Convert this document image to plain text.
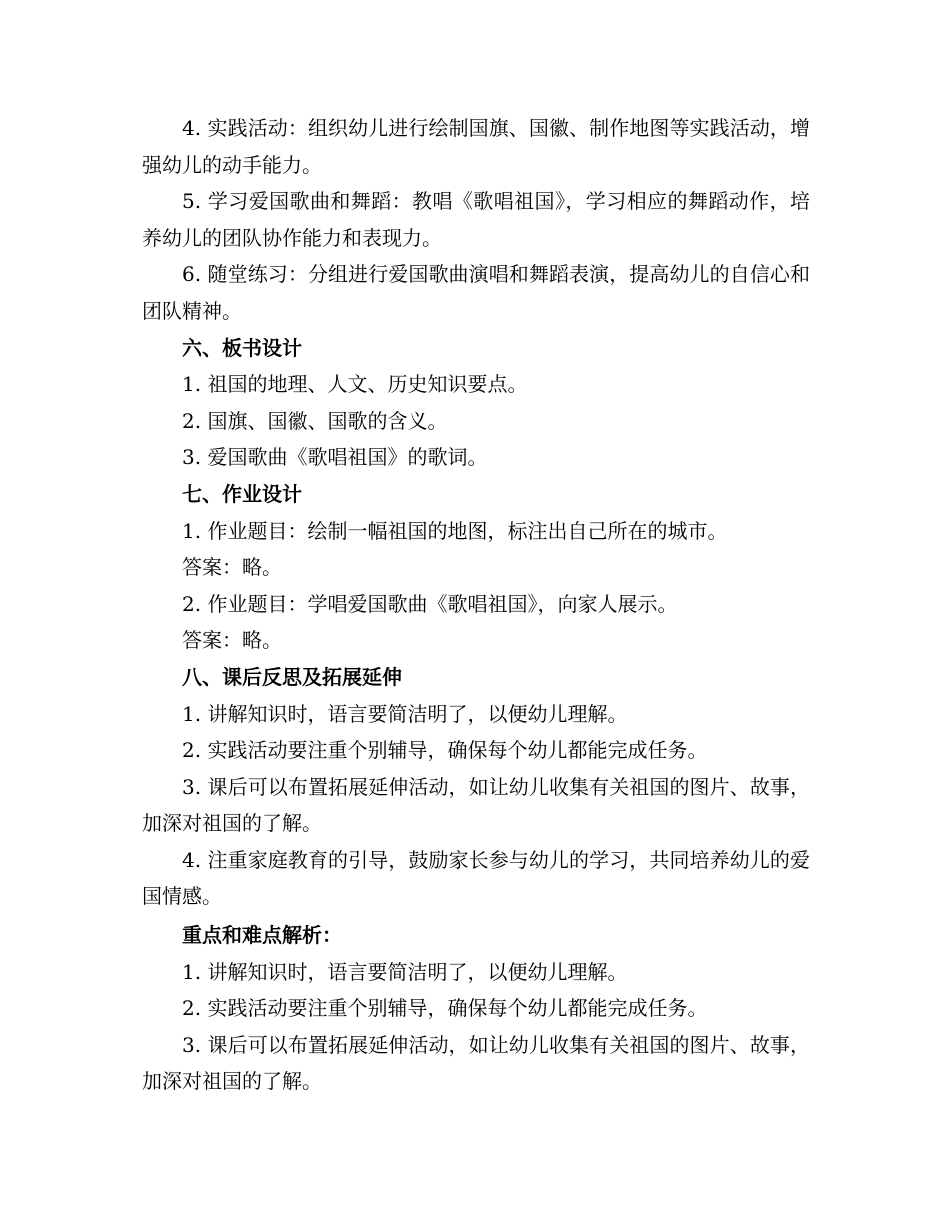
4. 实践活动：组织幼儿进行绘制国旗、国徽、制作地图等实践活动，增强幼儿的动手能力。

5. 学习爱国歌曲和舞蹈：教唱《歌唱祖国》，学习相应的舞蹈动作，培养幼儿的团队协作能力和表现力。

6. 随堂练习：分组进行爱国歌曲演唱和舞蹈表演，提高幼儿的自信心和团队精神。

六、板书设计

1. 祖国的地理、人文、历史知识要点。

2. 国旗、国徽、国歌的含义。

3. 爱国歌曲《歌唱祖国》的歌词。

七、作业设计

1. 作业题目：绘制一幅祖国的地图，标注出自己所在的城市。

答案：略。

2. 作业题目：学唱爱国歌曲《歌唱祖国》，向家人展示。

答案：略。

八、课后反思及拓展延伸

1. 讲解知识时，语言要简洁明了，以便幼儿理解。

2. 实践活动要注重个别辅导，确保每个幼儿都能完成任务。

3. 课后可以布置拓展延伸活动，如让幼儿收集有关祖国的图片、故事，加深对祖国的了解。

4. 注重家庭教育的引导，鼓励家长参与幼儿的学习，共同培养幼儿的爱国情感。

重点和难点解析：

1. 讲解知识时，语言要简洁明了，以便幼儿理解。

2. 实践活动要注重个别辅导，确保每个幼儿都能完成任务。

3. 课后可以布置拓展延伸活动，如让幼儿收集有关祖国的图片、故事，加深对祖国的了解。
